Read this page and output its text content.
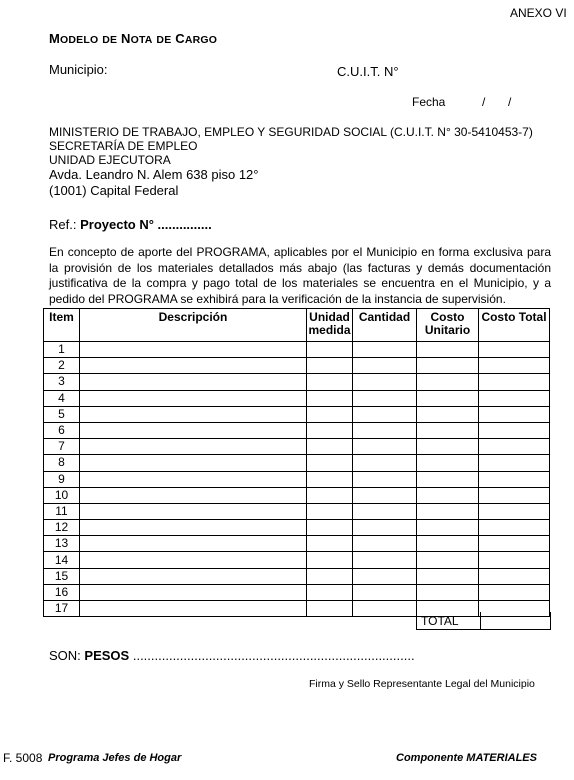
ANEXO VI
MODELO DE NOTA DE CARGO
Municipio:	C.U.I.T. N°
Fecha	/ /
MINISTERIO DE TRABAJO, EMPLEO Y SEGURIDAD SOCIAL (C.U.I.T. N° 30-5410453-7)
SECRETARÍA DE EMPLEO
UNIDAD EJECUTORA
Avda. Leandro N. Alem 638 piso 12°
(1001) Capital Federal
Ref.: Proyecto N° ...............
En concepto de aporte del PROGRAMA, aplicables por el Municipio en forma exclusiva para la provisión de los materiales detallados más abajo (las facturas y demás documentación justificativa de la compra y pago total de los materiales se encuentra en el Municipio, y a pedido del PROGRAMA se exhibirá para la verificación de la instancia de supervisión.
Item	Descripción	Unidad medida	Cantidad	Costo Unitario	Costo Total
1					
2					
3					
4					
5					
6					
7					
8					
9					
10					
11					
12					
13					
14					
15					
16					
17					
TOTAL
SON: PESOS ..............................................................................
Firma y Sello Representante Legal del Municipio
F. 5008 Programa Jefes de Hogar	Componente MATERIALES
